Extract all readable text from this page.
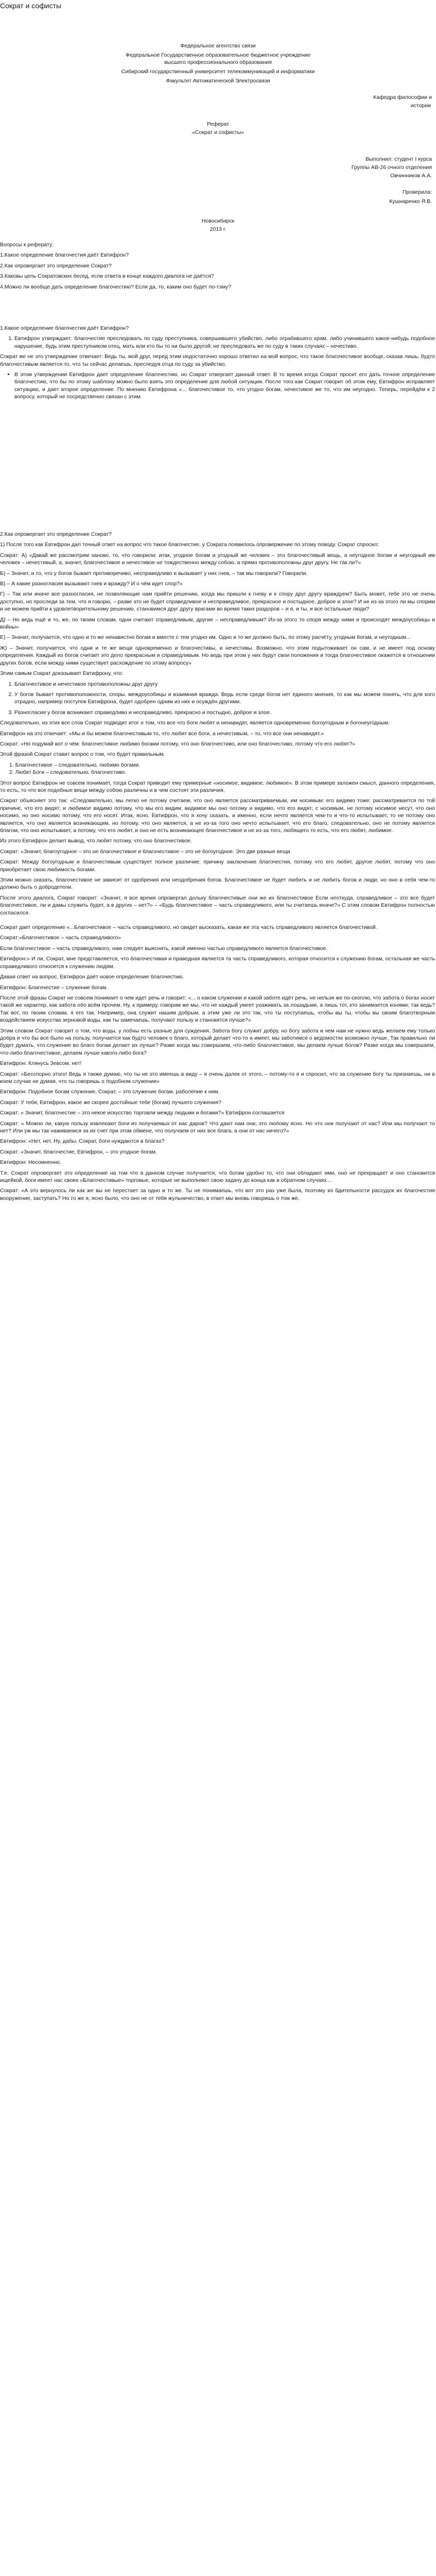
Сократ и софисты
Федеральное агентство связи
Федеральное Государственное образовательное бюджетное учреждение
высшего профессионального образования
Сибирский государственный университет телекоммуникаций и информатики
Факультет Автоматической Электросвязи
Кафедра философии и
истории
Реферат
«Сократ и софисты»
Выполнил: студент I курса
Группы АВ-26 очного отделения
Овчинников А.А.
Проверила:
Кушнаренко Я.В.
Новосибирск
2013 г.

Вопросы к реферату:

1.Какое определение благочестия даёт Евтифрон?

2.Как опровергает это определение Сократ?

3.Каковы цель Сократовских бесед, если ответа в конце каждого диалога не даётся?

4.Можно ли вообще дать определение благочестию? Если да, то, каким оно будет по-тэму?

1.Какое определение благочестия даёт Евтифрон?

1. Евтифрон утверждает: благочестие преследовать по суду преступника, совершившего убийство, либо ограбившего храм, либо учинившего какое-нибудь подобное нарушение, будь этим преступником отец, мать или кто бы то ни было другой; не преследовать же по суду в таких случаях – нечестиво.

Сократ же не это утверждение отвечает: Ведь ты, мой друг, перед этим недостаточно хорошо ответил на мой вопрос, что такое благочестивое вообще, сказав лишь, будто благочестивым является то, что ты сейчас делаешь, преследуя отца по суду за убийство.

• В этом утверждении Евтифрон дает определение благочестию, но Сократ отвергает данный ответ. В то время когда Сократ просит его дать точное определение благочестию, что бы по этому шаблону можно было взять это определение для любой ситуации. После того как Сократ говорит об этом ему, Евтифрон исправляет ситуацию, и дает второе определение. По мнению Евтифрона «... благочестивое то, что угодно богам, нечестивое же то, что им неугодно. Теперь, перейдём к 2 вопросу, который не посредственно связан с этим.

2.Как опровергает это определение Сократ?

1) После того как Евтифрон дал точный ответ на вопрос что такое благочестие, у Сократа появилось опровержение по этому поводу. Сократ спросил:

Сократ: А) «Давай же рассмотрим заново, то, что говорили: итак, угодное богам и угодный же человек – это благочестивый вещь, а неугодное богам и неугодный им человек – нечестивый, а, значит, благочестивое и нечестивое не тождественно между собою, а прямо противоположны друг другу. Не так ли?»

Б) – Значит, и то, что у богов бывает противоречиво, несправедливо и вызывает у них гнев, – так мы говорили? Говорили.

В) – А какие разногласия вызывают гнев и вражду? И о чём идет спор?»

Г) – Так или иначе все разногласия, не позволяющие нам прийти решению, когда мы пришли к гневу и к спору друг другу враждуем? Быть может, тебе это не очень доступно, но проследи за тем, что я говорю, – разве это не будет справедливое и несправедливое, прекрасное и постыдное, доброе и злое? И не из-за этого ли мы спорим и не можем прийти к удовлетворительному решению, становимся друг другу врагами во время таких раздоров – и я, и ты, и все остальные люди?

Д) – Но ведь ещё и то, же, по твоим словам, одни считают справедливым, другие – несправедливым? Из-за этого то споря между ними и происходят междоусобицы и войны»

E) – Значит, получается, что одно и то же ненавистно богам и вместе с тем угодно им. Одно и то же должно быть, по этому расчёту, угодным богам, и неугодным...

Ж) – Значит, получается, что одни и те же вещи одновременно и благочестивы, и нечестивы. Возможно, что этим подытоживает он сам, и не имеет под основу определения. Каждый из богов считает это дело прекрасным и справедливым. Но ведь при этом у них будут свои положения и тогда благочестивое окажется в отношении других богов, если между ними существует расхождение по этому вопросу»

Этим самым Сократ доказывает Евтифрону, что:

1. Благочестивое и нечестивое противоположны друг другу
2. У богов бывает противоположности, споры, междоусобицы и взаимная вражда. Ведь если среди богов нет единого мнения, то как мы можем понять, что для кого отрадно, например поступок Евтифрона, будет одобрен одним из них и осуждён другими.
3. Разногласия у богов возникают справедливо и несправедливо, прекрасно и постыдно, доброе и злое.

Следовательно, из этих все слов Сократ подводит итог о том, что все что боги любят и ненавидят, является одновременно богоугодным и богонеугодным.

Евтифрон на это отвечает: «Мы и бы можем благочестивым то, что любят все боги, а нечестивым, – то, что все они ненавидят.»

Сократ: «Но подумай вот о чём: благочестивое любимо богами потому, что оно благочестиво, или оно благочестиво, потому что его любят?»

Этой фразой Сократ ставит вопрос о том, что будет правильным.

1. Благочестивое – следовательно, любимо богами.

2. Любят Боги – следовательно, благочестиво.

Этот вопрос Евтифрон не совсем понимает, тогда Сократ приводит ему примерные «носимое, видимое, любимое». В этом примере заложен смысл, данного определения, то есть, то что все подобные вещи между собою различны и в чем состоят эти различия.

Сократ объясняет это так: «Следовательно, мы легко не потому считаем, что оно является рассматриваемым, им носимым; его видимо тоже: рассматривается по той причине, что его видят; и любимое видимо потому, что мы его видим; видимое мы оно потому и видимо, что его видят; с носимым, не потому носимое несут, что оно носимо, но оно носимо потому, что его носят. Итак, ясно, Евтифрон, что я хочу сказать, и именно, если нечто является чем-то и что-то испытывает, то не потому оно является, что оно является возникающим, но потому, что оно является, а не из-за того оно нечто испытывает, что его благо, следовательно, оно не потому является благом, что оно испытывает, а потому, что его любят, и оно не есть возникающее благочестивое и не из-за того, любящего то есть, что его любят, любимое.

Из этого Евтифрон делает вывод, что любят потому, что оно благочестивое.

Сократ: «Значит, благоугодное – это не благочестивое и благочестивое – это не богоугодное. Это две разные вещи.

Сократ: Между богоугодным и благочестивым существует полное различие: причину заключение благочестия, потому что его любят, другое любят, потому что оно приобретает свою любимость богами.

Этим можно сказать, благочестивое не зависит от одобрения или неодобрения богов. Благочестивое не будет любить и не любить богов и люди, но оно в себя чем-то должно быть о добродетели.

После этого диалога, Сократ говорит: «Значит, я все время опровергал дольку благочестивые они же их благочестивое Если неоткуда, справедливое – это все будет благочестивое, ли и дамы служить будет, а в других – нет?» – «Будь благочестивое – часть справедливого, или ты считаешь иначе?» С этим словом Евтифрон полностью согласился.

Сократ дает определение «...Благочестивое – часть справедливого, но свидет высказать, какая же эта часть справедливого является благочестивой.

Сократ:«Благочестивое – часть справедливого»

Если благочестивое – часть справедливого, нам следует выяснить, какой именно частью справедливого является благочестивое.

Евтифрон:» И ли, Сократ, мне представляется, что благочестивая и праведная является та часть справедливого, которая относится к служению богам, остальная же часть справедливого относится к служению людям.

Давая ответ на вопрос, Евтифрон даёт новое определение благочестию.

Евтифрон: Благочестие – служение богам.

После этой фразы Сократ не совсем понимает о чем идет речь и говорит: «... о каком служении и какой заботе идёт речь; не нельзя же по-скоплю, что забота о богах носит такой же характер, как забота обо всём прочем. Ну, к примеру, говорим же мы, что не каждый умеет ухаживать за лошадьми, а лишь тот, кто занимается конями; так ведь? Так вот, по твоим словам, я его так. Например, она служит нашим добрым, а этим уже ли это так, что ты поступаешь, чтобы вы ты, чтобы вы своим благотворным воздействием искусства зерновой воды, как ты замечаешь, получают пользу и становятся лучше?»

Этим словом Сократ говорит о том, что воды, у лобны есть разные для суждения. Забота богу служит добру, но богу забота и чем нам не нужно ведь желаем ему только добра и что бы все было на пользу, получается как будто человек о благо, который делает что-то и имеет, мы заботимся о ведомостях возможно лучше. Так правильно ли будет думать, что служение во благо богам делает их лучше? Разве когда мы совершаем, что-либо благочестивое, мы делаем лучше богов? Разве когда мы совершаем, что-либо благочестивое, делаем лучше какого-либо бога?

Евтифрон: Клянусь Зевсом, нет!

Сократ: «Бесспорно этого! Ведь я также думаю, что ты не это имеешь в виду – я очень далек от этого, – потому-то я и спросил, что за служение богу ты признаешь, ни в коем случае не думая, что ты говоришь о подобном служении»

Евтифрон: Подобное богам служение, Сократ, – это служение богам, раболепие к ним.

Сократ: У тебя, Евтифрон, какое же скорее достойные тебе (богам) лучшего служения?

Сократ: « Значит, благочестие – это некое искусство торговли между людьми и богами?» Евтифрон соглашается

Сократ: « Можно ли, какую пользу извлекают боги из получаемых от нас даров? Что дают нам они, это любому ясно. Но что они получают от нас? Или мы получают то нет? Или уж мы так наживаемся за их счет при этом обмене, что получаем от них все блага, а они от нас ничего?»

Евтифрон: «Нет, нет. Ну, дабы, Сократ, боги нуждаются в благах?

Сократ: «Значит, благочестие, Евтифрон, – это угодное богам.

Евтифрон: Несомненно.

Т.е. Сократ опровергает это определение на том что в данном случае получается, что богам удобно то, что они обладают ими, оно не прекращает и оно становится ищейкой, боги имеет нас своих «Благочестивые» торговые, которые не выполняют свою задачу до конца как в обратном случаях...

Сократ: «А это вернулось ли как же вы не перестает за одно и то же. Ты не понимаешь, что вот это раз уже была, поэтому из бдительности рассудок их благочестия вооружение, заступать? Но то же я, ясно было, что оно не от тебя жульничество, в ответ мы вновь говоришь о том же.
